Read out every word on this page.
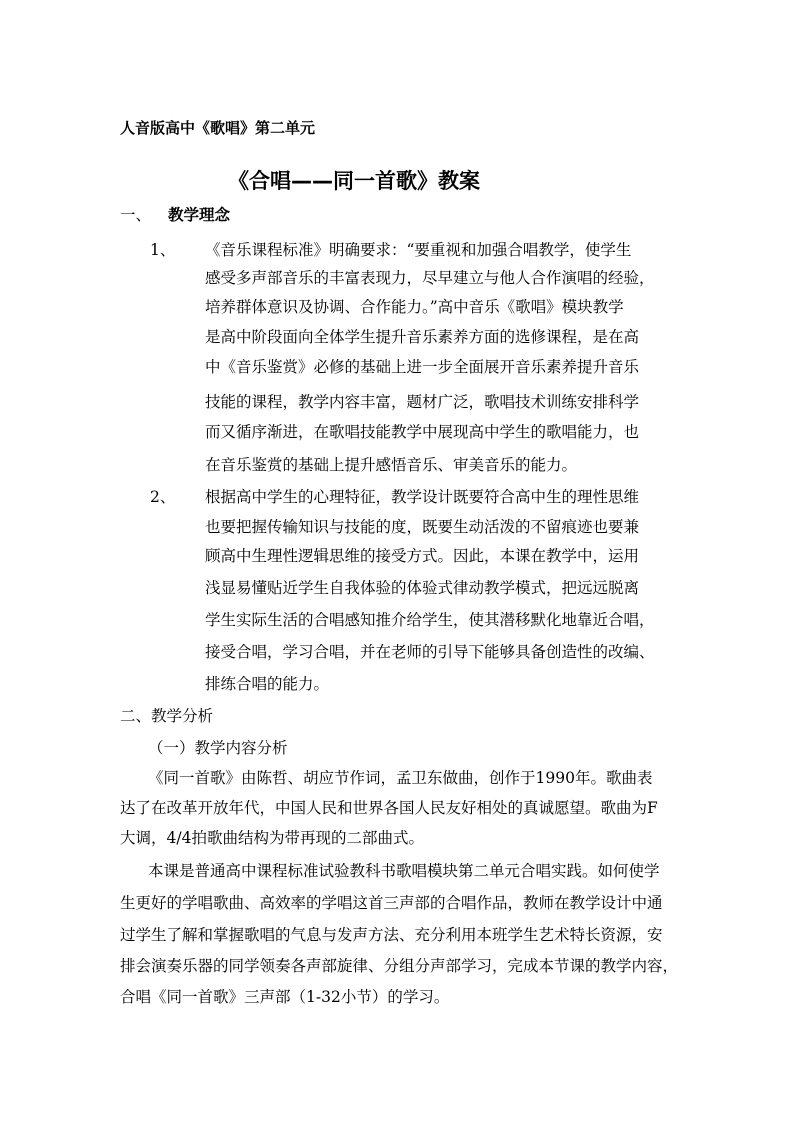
人音版高中《歌唱》第二单元
《合唱——同一首歌》教案
一、 教学理念
1、 《音乐课程标准》明确要求：“要重视和加强合唱教学，使学生
感受多声部音乐的丰富表现力，尽早建立与他人合作演唱的经验，
培养群体意识及协调、合作能力。”高中音乐《歌唱》模块教学
是高中阶段面向全体学生提升音乐素养方面的选修课程，是在高
中《音乐鉴赏》必修的基础上进一步全面展开音乐素养提升音乐
技能的课程，教学内容丰富，题材广泛，歌唱技术训练安排科学
而又循序渐进，在歌唱技能教学中展现高中学生的歌唱能力，也
在音乐鉴赏的基础上提升感悟音乐、审美音乐的能力。
2、 根据高中学生的心理特征，教学设计既要符合高中生的理性思维
也要把握传输知识与技能的度，既要生动活泼的不留痕迹也要兼
顾高中生理性逻辑思维的接受方式。因此，本课在教学中，运用
浅显易懂贴近学生自我体验的体验式律动教学模式，把远远脱离
学生实际生活的合唱感知推介给学生，使其潜移默化地靠近合唱，
接受合唱，学习合唱，并在老师的引导下能够具备创造性的改编、
排练合唱的能力。
二、教学分析
（一）教学内容分析
《同一首歌》由陈哲、胡应节作词，孟卫东做曲，创作于1990年。歌曲表
达了在改革开放年代，中国人民和世界各国人民友好相处的真诚愿望。歌曲为F
大调，4/4拍歌曲结构为带再现的二部曲式。
本课是普通高中课程标准试验教科书歌唱模块第二单元合唱实践。如何使学
生更好的学唱歌曲、高效率的学唱这首三声部的合唱作品，教师在教学设计中通
过学生了解和掌握歌唱的气息与发声方法、充分利用本班学生艺术特长资源，安
排会演奏乐器的同学领奏各声部旋律、分组分声部学习，完成本节课的教学内容，
合唱《同一首歌》三声部（1-32小节）的学习。
